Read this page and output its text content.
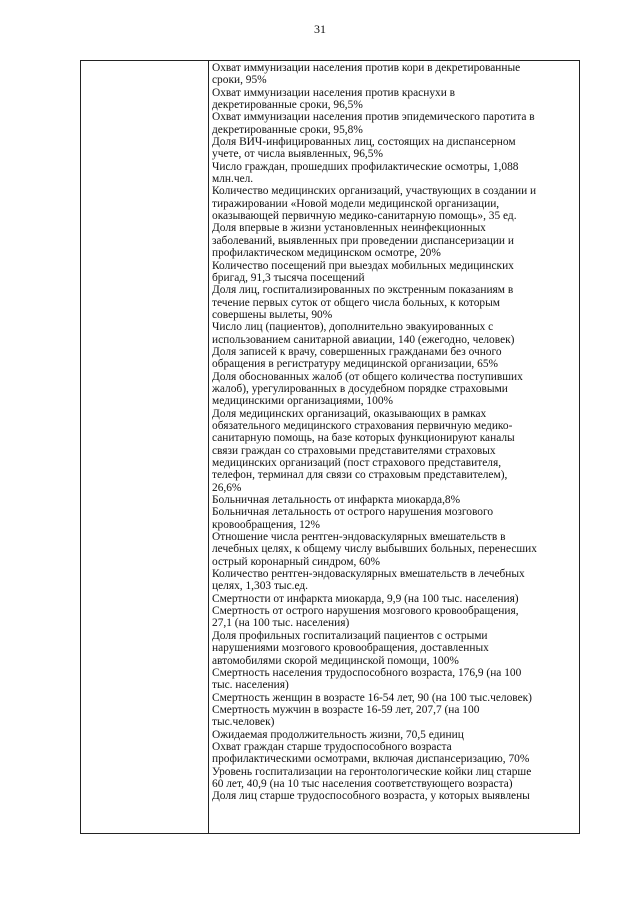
31

Охват иммунизации населения против кори в декретированные
сроки, 95%

Охват иммунизации населения против краснухи в
декретированные сроки, 96,5%

Охват иммунизации населения против эпидемического паротита в
декретированные сроки, 95,8%

Доля ВИЧ-инфицированных лиц, состоящих на диспансерном
учете, от числа выявленных, 96,5%

Число граждан, прошедших профилактические осмотры, 1,088
млн.чел.

Количество медицинских организаций, участвующих в создании и
тиражировании «Новой модели медицинской организации,
оказывающей первичную медико-санитарную помощь», 35 ед.

Доля впервые в жизни установленных неинфекционных
заболеваний, выявленных при проведении диспансеризации и
профилактическом медицинском осмотре, 20%

Количество посещений при выездах мобильных медицинских
бригад, 91,3 тысяча посещений

Доля лиц, госпитализированных по экстренным показаниям в
течение первых суток от общего числа больных, к которым
совершены вылеты, 90%

Число лиц (пациентов), дополнительно эвакуированных с
использованием санитарной авиации, 140 (ежегодно, человек)

Доля записей к врачу, совершенных гражданами без очного
обращения в регистратуру медицинской организации, 65%

Доля обоснованных жалоб (от общего количества поступивших
жалоб), урегулированных в досудебном порядке страховыми
медицинскими организациями, 100%

Доля медицинских организаций, оказывающих в рамках
обязательного медицинского страхования первичную медико-
санитарную помощь, на базе которых функционируют каналы
связи граждан со страховыми представителями страховых
медицинских организаций (пост страхового представителя,
телефон, терминал для связи со страховым представителем),
26,6%

Больничная летальность от инфаркта миокарда,8%

Больничная летальность от острого нарушения мозгового
кровообращения, 12%

Отношение числа рентген-эндоваскулярных вмешательств в
лечебных целях, к общему числу выбывших больных, перенесших
острый коронарный синдром, 60%

Количество рентген-эндоваскулярных вмешательств в лечебных
целях, 1,303 тыс.ед.

Смертности от инфаркта миокарда, 9,9 (на 100 тыс. населения)

Смертность от острого нарушения мозгового кровообращения,
27,1 (на 100 тыс. населения)

Доля профильных госпитализаций пациентов с острыми
нарушениями мозгового кровообращения, доставленных
автомобилями скорой медицинской помощи, 100%

Смертность населения трудоспособного возраста, 176,9 (на 100
тыс. населения)

Смертность женщин в возрасте 16-54 лет, 90 (на 100 тыс.человек)

Смертность мужчин в возрасте 16-59 лет, 207,7 (на 100
тыс.человек)

Ожидаемая продолжительность жизни, 70,5 единиц

Охват граждан старше трудоспособного возраста
профилактическими осмотрами, включая диспансеризацию, 70%

Уровень госпитализации на геронтологические койки лиц старше
60 лет, 40,9 (на 10 тыс населения соответствующего возраста)

Доля лиц старше трудоспособного возраста, у которых выявлены
